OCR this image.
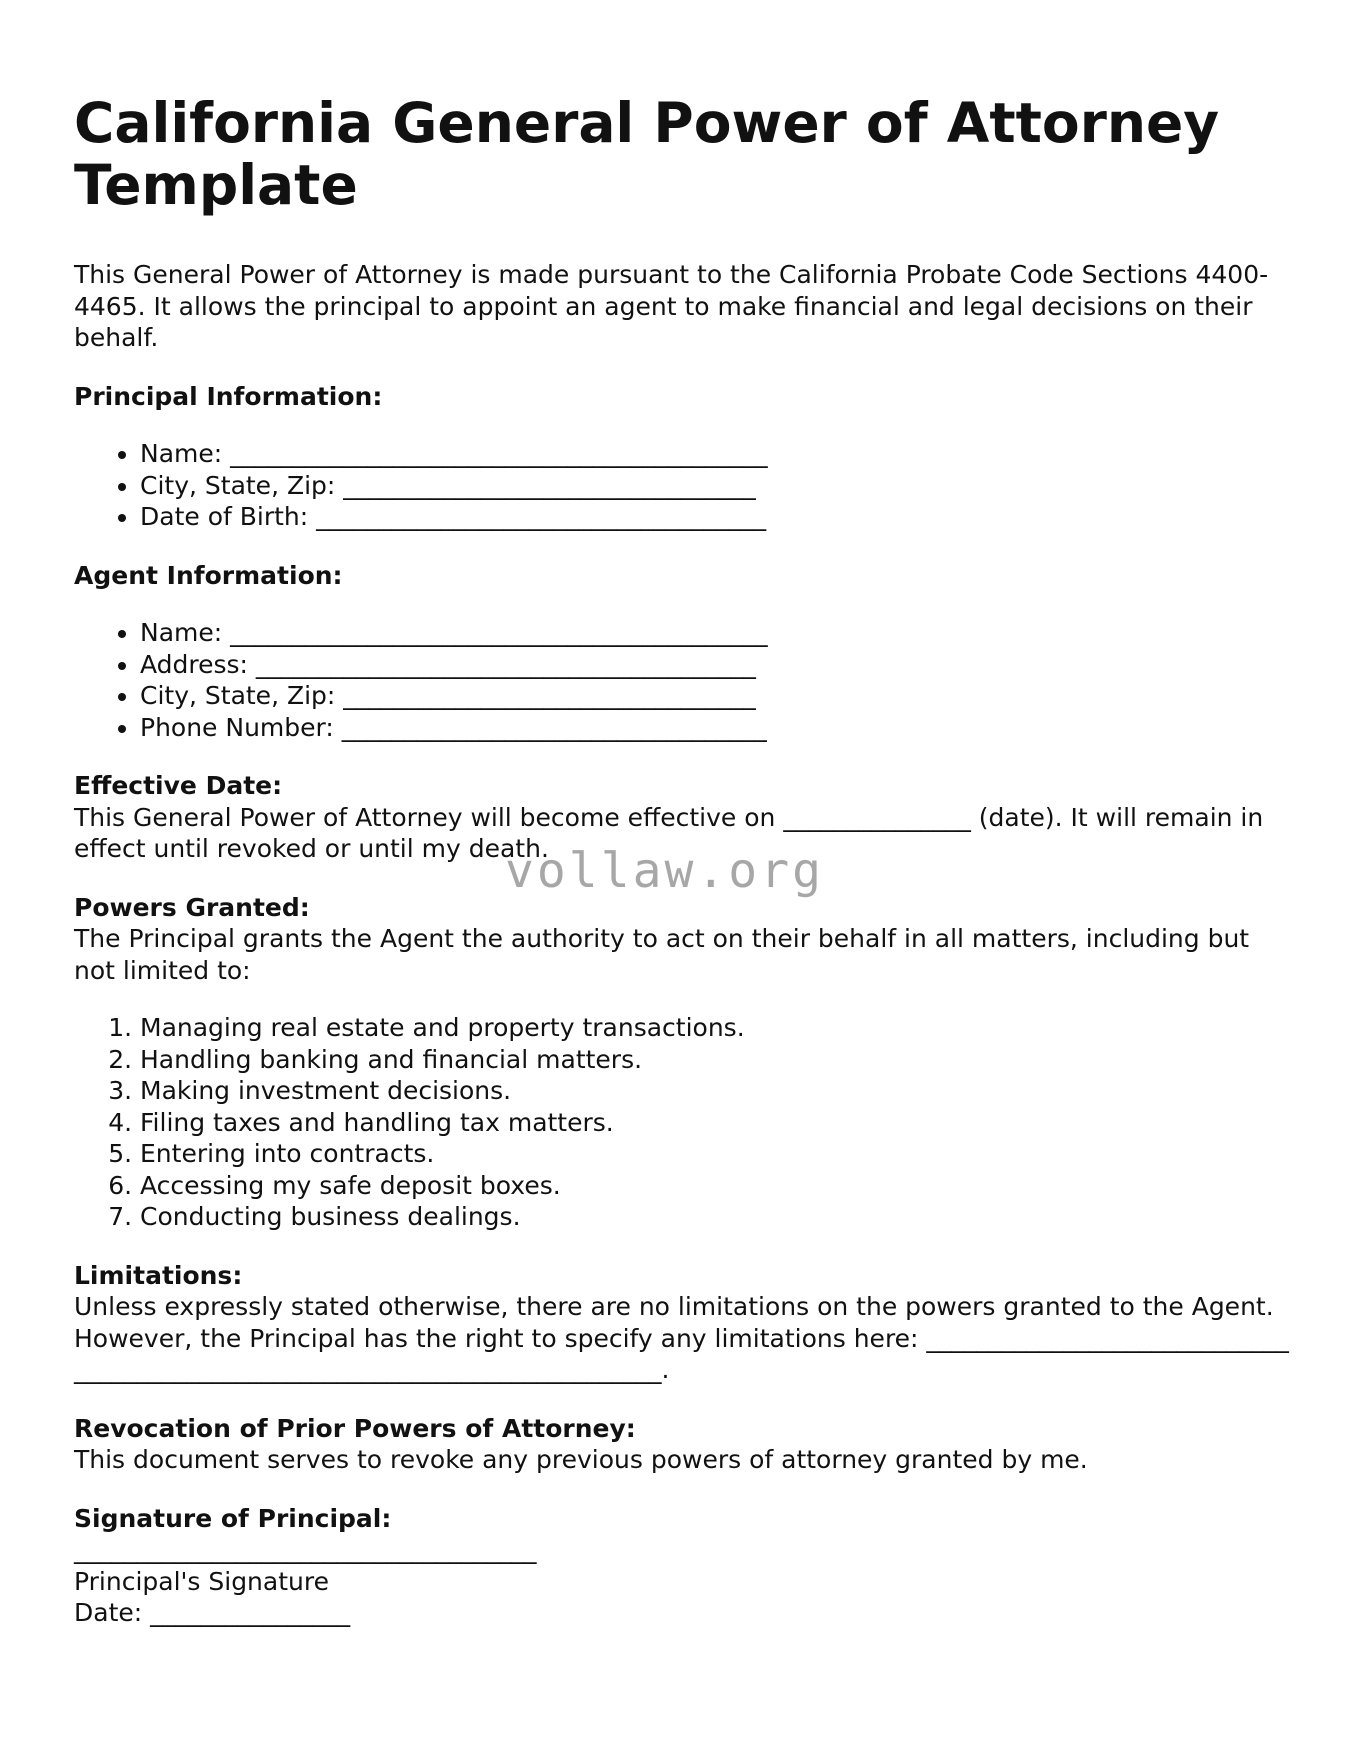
California General Power of Attorney Template

This General Power of Attorney is made pursuant to the California Probate Code Sections 4400-4465. It allows the principal to appoint an agent to make financial and legal decisions on their behalf.

Principal Information:
• Name: ___________________________________________
• City, State, Zip: _________________________________
• Date of Birth: ____________________________________
Agent Information:
• Name: ___________________________________________
• Address: ________________________________________
• City, State, Zip: _________________________________
• Phone Number: __________________________________
Effective Date:

This General Power of Attorney will become effective on _______________ (date). It will remain in effect until revoked or until my death.

Powers Granted:

The Principal grants the Agent the authority to act on their behalf in all matters, including but not limited to:

1. Managing real estate and property transactions.
2. Handling banking and financial matters.
3. Making investment decisions.
4. Filing taxes and handling tax matters.
5. Entering into contracts.
6. Accessing my safe deposit boxes.
7. Conducting business dealings.
Limitations:

Unless expressly stated otherwise, there are no limitations on the powers granted to the Agent. However, the Principal has the right to specify any limitations here: ____________________________________________________________________________.

Revocation of Prior Powers of Attorney:

This document serves to revoke any previous powers of attorney granted by me.

Signature of Principal:

_____________________________________

Principal's Signature

Date: ________________

vollaw.org
